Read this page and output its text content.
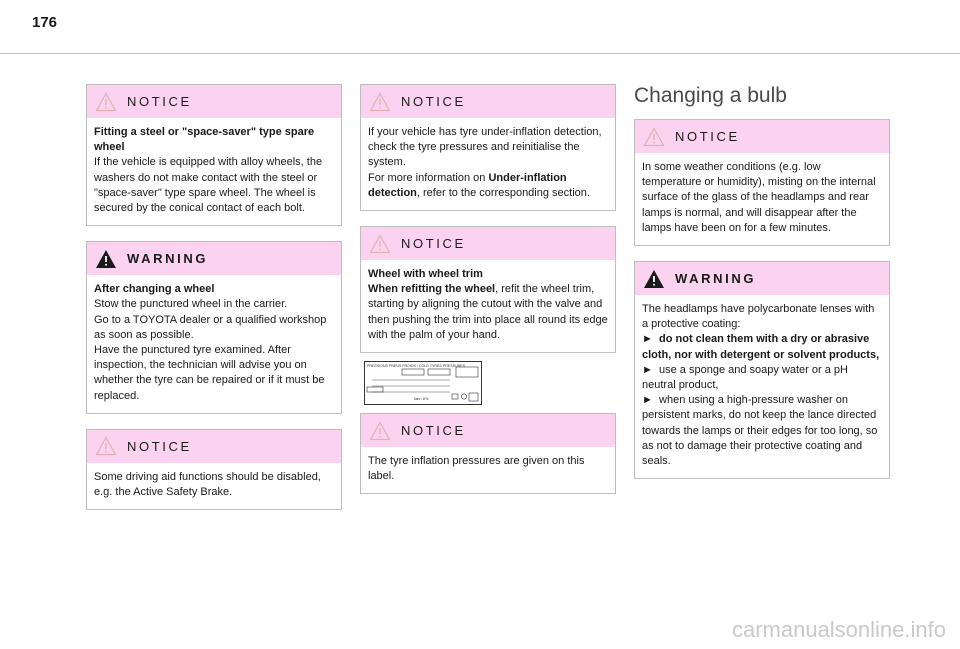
176
NOTICE

Fitting a steel or "space-saver" type spare wheel

If the vehicle is equipped with alloy wheels, the washers do not make contact with the steel or "space-saver" type spare wheel. The wheel is secured by the conical contact of each bolt.

WARNING

After changing a wheel

Stow the punctured wheel in the carrier.

Go to a TOYOTA dealer or a qualified workshop as soon as possible.

Have the punctured tyre examined. After inspection, the technician will advise you on whether the tyre can be repaired or if it must be replaced.

NOTICE

Some driving aid functions should be disabled, e.g. the Active Safety Brake.

NOTICE

If your vehicle has tyre under-inflation detection, check the tyre pressures and reinitialise the system.

For more information on Under-inflation detection, refer to the corresponding section.

NOTICE

Wheel with wheel trim

When refitting the wheel, refit the wheel trim, starting by aligning the cutout with the valve and then pushing the trim into place all round its edge with the palm of your hand.

PRESSIONS PNEUS FROIDS / COLD TYRES PRESSURES
bars / kPa
NOTICE

The tyre inflation pressures are given on this label.

Changing a bulb
NOTICE

In some weather conditions (e.g. low temperature or humidity), misting on the internal surface of the glass of the headlamps and rear lamps is normal, and will disappear after the lamps have been on for a few minutes.

WARNING

The headlamps have polycarbonate lenses with a protective coating:

► do not clean them with a dry or abrasive cloth, nor with detergent or solvent products,

► use a sponge and soapy water or a pH neutral product,

► when using a high-pressure washer on persistent marks, do not keep the lance directed towards the lamps or their edges for too long, so as not to damage their protective coating and seals.

carmanualsonline.info
